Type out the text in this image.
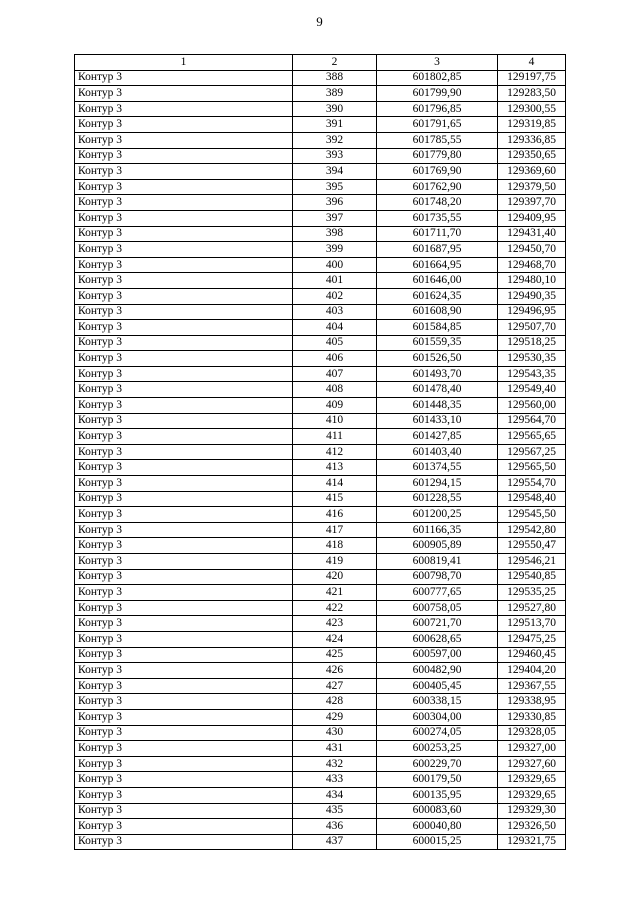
9
1	2	3	4
Контур 3	388	601802,85	129197,75
Контур 3	389	601799,90	129283,50
Контур 3	390	601796,85	129300,55
Контур 3	391	601791,65	129319,85
Контур 3	392	601785,55	129336,85
Контур 3	393	601779,80	129350,65
Контур 3	394	601769,90	129369,60
Контур 3	395	601762,90	129379,50
Контур 3	396	601748,20	129397,70
Контур 3	397	601735,55	129409,95
Контур 3	398	601711,70	129431,40
Контур 3	399	601687,95	129450,70
Контур 3	400	601664,95	129468,70
Контур 3	401	601646,00	129480,10
Контур 3	402	601624,35	129490,35
Контур 3	403	601608,90	129496,95
Контур 3	404	601584,85	129507,70
Контур 3	405	601559,35	129518,25
Контур 3	406	601526,50	129530,35
Контур 3	407	601493,70	129543,35
Контур 3	408	601478,40	129549,40
Контур 3	409	601448,35	129560,00
Контур 3	410	601433,10	129564,70
Контур 3	411	601427,85	129565,65
Контур 3	412	601403,40	129567,25
Контур 3	413	601374,55	129565,50
Контур 3	414	601294,15	129554,70
Контур 3	415	601228,55	129548,40
Контур 3	416	601200,25	129545,50
Контур 3	417	601166,35	129542,80
Контур 3	418	600905,89	129550,47
Контур 3	419	600819,41	129546,21
Контур 3	420	600798,70	129540,85
Контур 3	421	600777,65	129535,25
Контур 3	422	600758,05	129527,80
Контур 3	423	600721,70	129513,70
Контур 3	424	600628,65	129475,25
Контур 3	425	600597,00	129460,45
Контур 3	426	600482,90	129404,20
Контур 3	427	600405,45	129367,55
Контур 3	428	600338,15	129338,95
Контур 3	429	600304,00	129330,85
Контур 3	430	600274,05	129328,05
Контур 3	431	600253,25	129327,00
Контур 3	432	600229,70	129327,60
Контур 3	433	600179,50	129329,65
Контур 3	434	600135,95	129329,65
Контур 3	435	600083,60	129329,30
Контур 3	436	600040,80	129326,50
Контур 3	437	600015,25	129321,75
